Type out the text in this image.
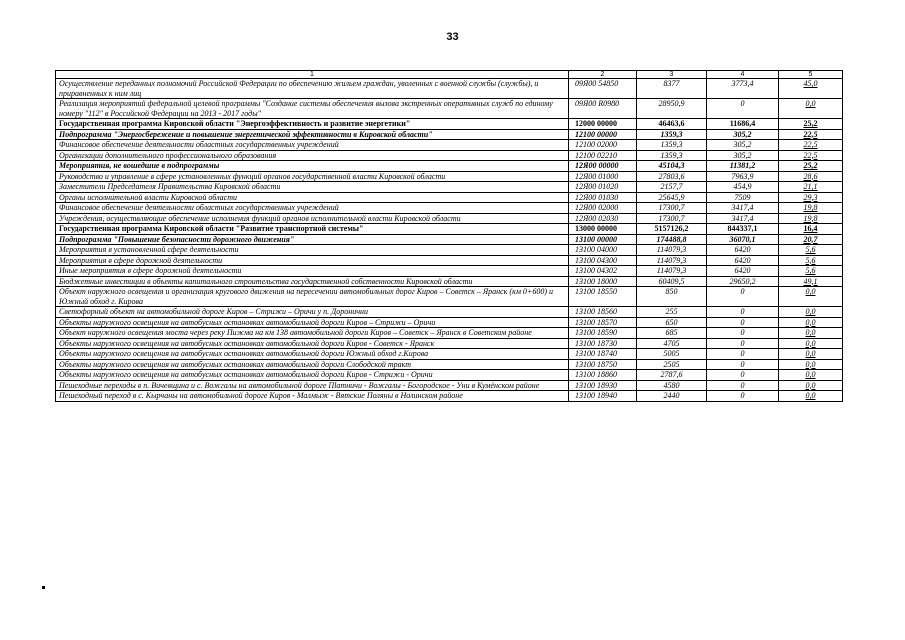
33
1	2	3	4	5
Осуществление переданных полномочий Российской Федерации по обеспечению жильем граждан, уволенных с военной службы (службы), и приравненных к ним лиц	09Я00 54850	8377	3773,4	45,0
Реализация мероприятий федеральной целевой программы "Создание системы обеспечения вызова экстренных оперативных служб по единому номеру "112" в Российской Федерации на 2013 - 2017 годы"	09Я00 R0980	28950,9	0	0,0
Государственная программа Кировской области "Энергоэффективность и развитие энергетики"	12000 00000	46463,6	11686,4	25,2
Подпрограмма "Энергосбережение и повышение энергетической эффективности в Кировской области"	12100 00000	1359,3	305,2	22,5
Финансовое обеспечение деятельности областных государственных учреждений	12100 02000	1359,3	305,2	22,5
Организации дополнительного профессионального образования	12100 02210	1359,3	305,2	22,5
Мероприятия, не вошедшие в подпрограммы	12Я00 00000	45104,3	11381,2	25,2
Руководство и управление в сфере установленных функций органов государственной власти Кировской области	12Я00 01000	27803,6	7963,9	28,6
Заместители Председателя Правительства Кировской области	12Я00 01020	2157,7	454,9	21,1
Органы исполнительной власти Кировской области	12Я00 01030	25645,9	7509	29,3
Финансовое обеспечение деятельности областных государственных учреждений	12Я00 02000	17300,7	3417,4	19,8
Учреждения, осуществляющие обеспечение исполнения функций органов исполнительной власти Кировской области	12Я00 02030	17300,7	3417,4	19,8
Государственная программа Кировской области "Развитие транспортной системы"	13000 00000	5157126,2	844337,1	16,4
Подпрограмма "Повышение безопасности дорожного движения"	13100 00000	174488,8	36070,1	20,7
Мероприятия в установленной сфере деятельности	13100 04000	114079,3	6420	5,6
Мероприятия в сфере дорожной деятельности	13100 04300	114079,3	6420	5,6
Иные мероприятия в сфере дорожной деятельности	13100 04302	114079,3	6420	5,6
Бюджетные инвестиции в объекты капитального строительства государственной собственности Кировской области	13100 18000	60409,5	29650,2	49,1
Объект наружного освещения и организация кругового движения на пересечении автомобильных дорог Киров – Советск – Яранск (км 0+600) и Южный обход г. Кирова	13100 18550	850	0	0,0
Светофорный объект на автомобильной дороге Киров – Стрижи – Оричи у п. Доронични	13100 18560	255	0	0,0
Объекты наружного освещения на автобусных остановках автомобильной дороги Киров – Стрижи – Оричи	13100 18570	650	0	0,0
Объект наружного освещения моста через реку Пижма на км 138 автомобильной дороги Киров – Советск – Яранск в Советском районе	13100 18590	685	0	0,0
Объекты наружного освещения на автобусных остановках автомобильной дороги Киров - Советск - Яранск	13100 18730	4705	0	0,0
Объекты наружного освещения на автобусных остановках автомобильной дороги Южный обход г.Кирова	13100 18740	5005	0	0,0
Объекты наружного освещения на автобусных остановках автомобильной дороги Слободской тракт	13100 18750	2505	0	0,0
Объекты наружного освещения на автобусных остановках автомобильной дороги Киров - Стрижи - Оричи	13100 18860	2787,6	0	0,0
Пешеходные переходы в п. Вичевщина и с. Вожгалы на автомобильной дороге Пlaтничи - Вожгалы - Богородское - Уни в Кумёнском районе	13100 18930	4580	0	0,0
Пешеходный переход в с. Кырчаны на автомобильной дороге Киров - Малмыж - Вятские Поляны в Нолинском районе	13100 18940	2440	0	0,0
